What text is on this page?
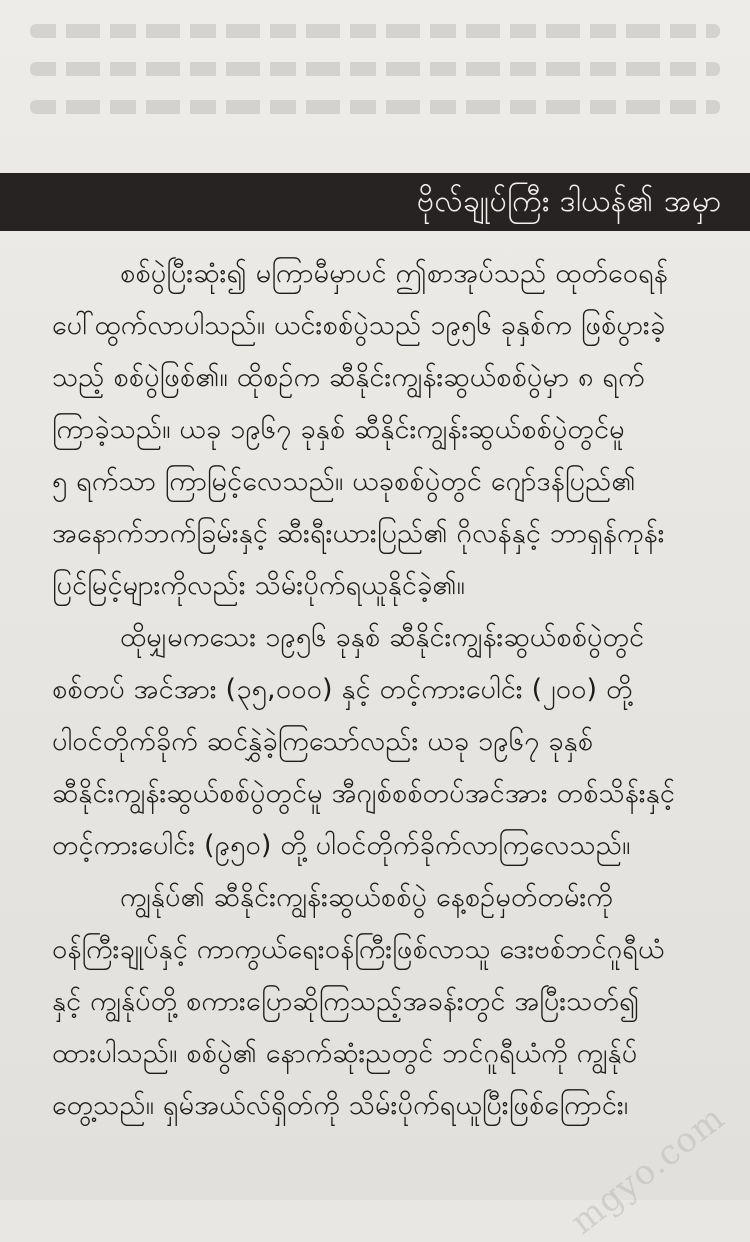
ဗိုလ်ချုပ်ကြီး ဒါယန်၏ အမှာ
စစ်ပွဲပြီးဆုံး၍ မကြာမီမှာပင် ဤစာအုပ်သည် ထုတ်ဝေရန်
ပေါ်ထွက်လာပါသည်။ ယင်းစစ်ပွဲသည် ၁၉၅၆ ခုနှစ်က ဖြစ်ပွားခဲ့
သည့် စစ်ပွဲဖြစ်၏။ ထိုစဉ်က ဆီနိုင်းကျွန်းဆွယ်စစ်ပွဲမှာ ၈ ရက်
ကြာခဲ့သည်။ ယခု ၁၉၆၇ ခုနှစ် ဆီနိုင်းကျွန်းဆွယ်စစ်ပွဲတွင်မူ
၅ ရက်သာ ကြာမြင့်လေသည်။ ယခုစစ်ပွဲတွင် ဂျော်ဒန်ပြည်၏
အနောက်ဘက်ခြမ်းနှင့် ဆီးရီးယားပြည်၏ ဂိုလန်နှင့် ဘာရှန်ကုန်း
ပြင်မြင့်များကိုလည်း သိမ်းပိုက်ရယူနိုင်ခဲ့၏။
ထိုမျှမကသေး ၁၉၅၆ ခုနှစ် ဆီနိုင်းကျွန်းဆွယ်စစ်ပွဲတွင်
စစ်တပ် အင်အား (၃၅,၀၀၀) နှင့် တင့်ကားပေါင်း (၂၀၀) တို့
ပါဝင်တိုက်ခိုက် ဆင်နွှဲခဲ့ကြသော်လည်း ယခု ၁၉၆၇ ခုနှစ်
ဆီနိုင်းကျွန်းဆွယ်စစ်ပွဲတွင်မူ အီဂျစ်စစ်တပ်အင်အား တစ်သိန်းနှင့်
တင့်ကားပေါင်း (၉၅၀) တို့ ပါဝင်တိုက်ခိုက်လာကြလေသည်။
ကျွန်ုပ်၏ ဆီနိုင်းကျွန်းဆွယ်စစ်ပွဲ နေ့စဉ်မှတ်တမ်းကို
ဝန်ကြီးချုပ်နှင့် ကာကွယ်ရေးဝန်ကြီးဖြစ်လာသူ ဒေးဗစ်ဘင်ဂူရီယံ
နှင့် ကျွန်ုပ်တို့ စကားပြောဆိုကြသည့်အခန်းတွင် အပြီးသတ်၍
ထားပါသည်။ စစ်ပွဲ၏ နောက်ဆုံးညတွင် ဘင်ဂူရီယံကို ကျွန်ုပ်
တွေ့သည်။ ရှမ်အယ်လ်ရှိတ်ကို သိမ်းပိုက်ရယူပြီးဖြစ်ကြောင်း၊
mgyo.com
